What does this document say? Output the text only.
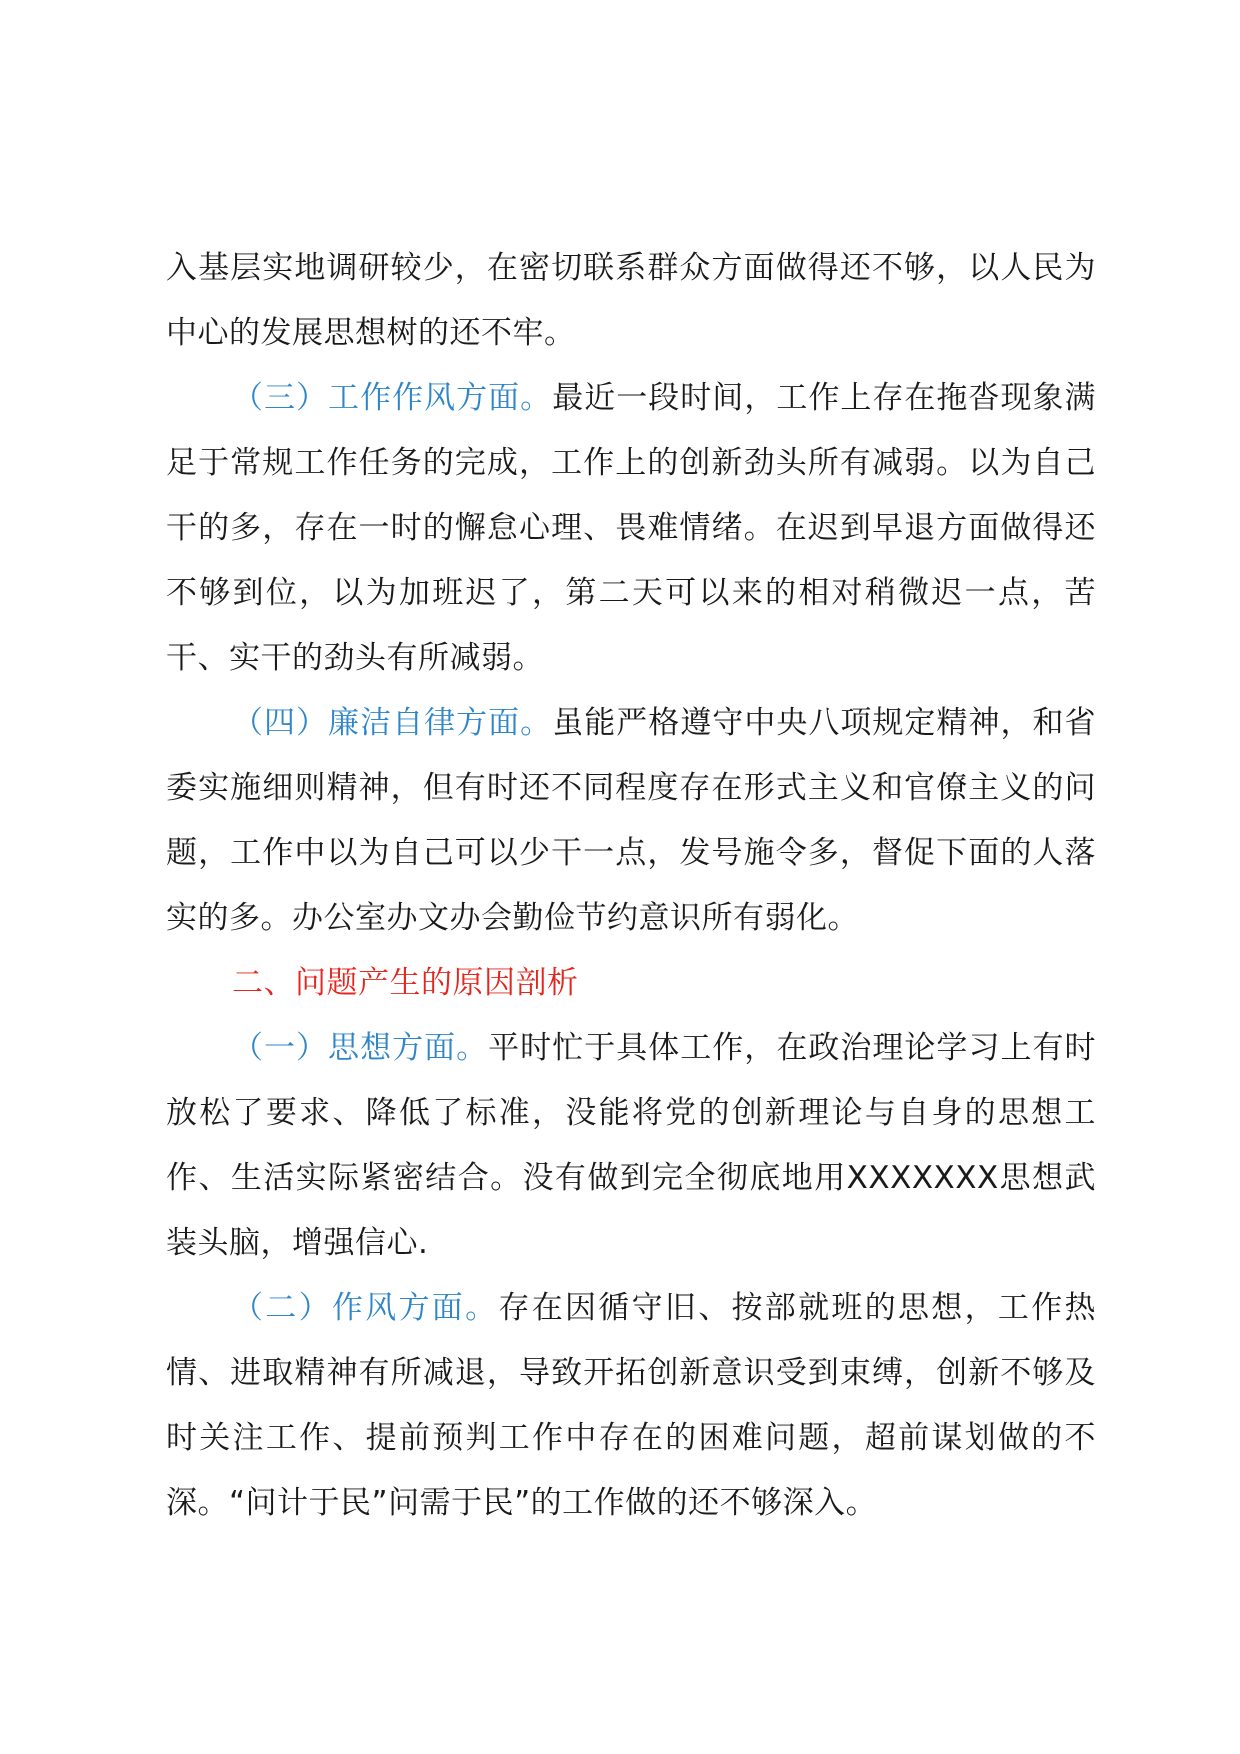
入基层实地调研较少，在密切联系群众方面做得还不够，以人民为中心的发展思想树的还不牢。

（三）工作作风方面。最近一段时间，工作上存在拖沓现象满足于常规工作任务的完成，工作上的创新劲头所有减弱。以为自己干的多，存在一时的懈怠心理、畏难情绪。在迟到早退方面做得还不够到位，以为加班迟了，第二天可以来的相对稍微迟一点，苦干、实干的劲头有所减弱。

（四）廉洁自律方面。虽能严格遵守中央八项规定精神，和省委实施细则精神，但有时还不同程度存在形式主义和官僚主义的问题，工作中以为自己可以少干一点，发号施令多，督促下面的人落实的多。办公室办文办会勤俭节约意识所有弱化。

二、问题产生的原因剖析

（一）思想方面。平时忙于具体工作，在政治理论学习上有时放松了要求、降低了标准，没能将党的创新理论与自身的思想工作、生活实际紧密结合。没有做到完全彻底地用XXXXXXX思想武装头脑，增强信心.

（二）作风方面。存在因循守旧、按部就班的思想，工作热情、进取精神有所减退，导致开拓创新意识受到束缚，创新不够及时关注工作、提前预判工作中存在的困难问题，超前谋划做的不深。“问计于民”问需于民”的工作做的还不够深入。
